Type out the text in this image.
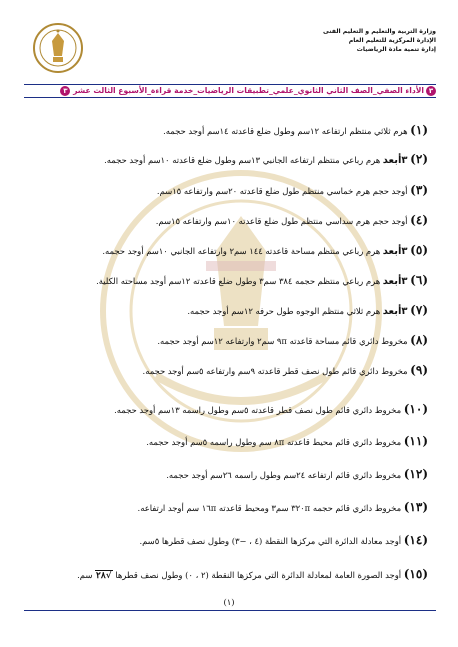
وزارة التربية والتعليم و التعليم الفنى
الإدارة المركزية للتعليم العام
إدارة تنمية مادة الرياضيات
٣الأداء الصفي_الصف الثاني الثانوي_علمي_تطبيقات الرياضيات_خدمة قراءة_الأسبوع الثالث عشر ٣
(١) هرم ثلاثي منتظم ارتفاعه ١٢سم وطول ضلع قاعدته ١٤سم أوجد حجمه.
(٢) ٣أبعد هرم رباعي منتظم ارتفاعه الجانبي ١٣سم وطول ضلع قاعدته ١٠سم أوجد حجمه.
(٣) أوجد حجم هرم خماسي منتظم طول ضلع قاعدته ٢٠سم وارتفاعه ١٥سم.
(٤) أوجد حجم هرم سداسي منتظم طول ضلع قاعدته ١٠سم وارتفاعه ١٥سم.
(٥) ٣أبعد هرم رباعي منتظم مساحة قاعدته ١٤٤ سم٢ وارتفاعه الجانبي ١٠سم أوجد حجمه.
(٦) ٣أبعد هرم رباعي منتظم حجمه ٣٨٤ سم٣ وطول ضلع قاعدته ١٢سم أوجد مساحته الكلية.
(٧) ٣أبعد هرم ثلاثي منتظم الوجوه طول حرفه ١٢سم أوجد حجمه.
(٨) مخروط دائري قائم مساحة قاعدته ٩π سم٢ وارتفاعه ١٢سم أوجد حجمه.
(٩) مخروط دائري قائم طول نصف قطر قاعدته ٩سم وارتفاعه ٥سم أوجد حجمه.
(١٠) مخروط دائري قائم طول نصف قطر قاعدته ٥سم وطول راسمه ١٣سم أوجد حجمه.
(١١) مخروط دائري قائم محيط قاعدته ٨π سم وطول راسمه ٥سم أوجد حجمه.
(١٢) مخروط دائري قائم ارتفاعه ٢٤سم وطول راسمه ٢٦سم أوجد حجمه.
(١٣) مخروط دائري قائم حجمه ٣٢٠π سم٣ ومحيط قاعدته ١٦π سم أوجد ارتفاعه.
(١٤) أوجد معادلة الدائرة التي مركزها النقطة (٤ ، −٣) وطول نصف قطرها ٥سم.
(١٥) أوجد الصورة العامة لمعادلة الدائرة التي مركزها النقطة (٢ ، ٠) وطول نصف قطرها √٢٨ سم.
(١)
